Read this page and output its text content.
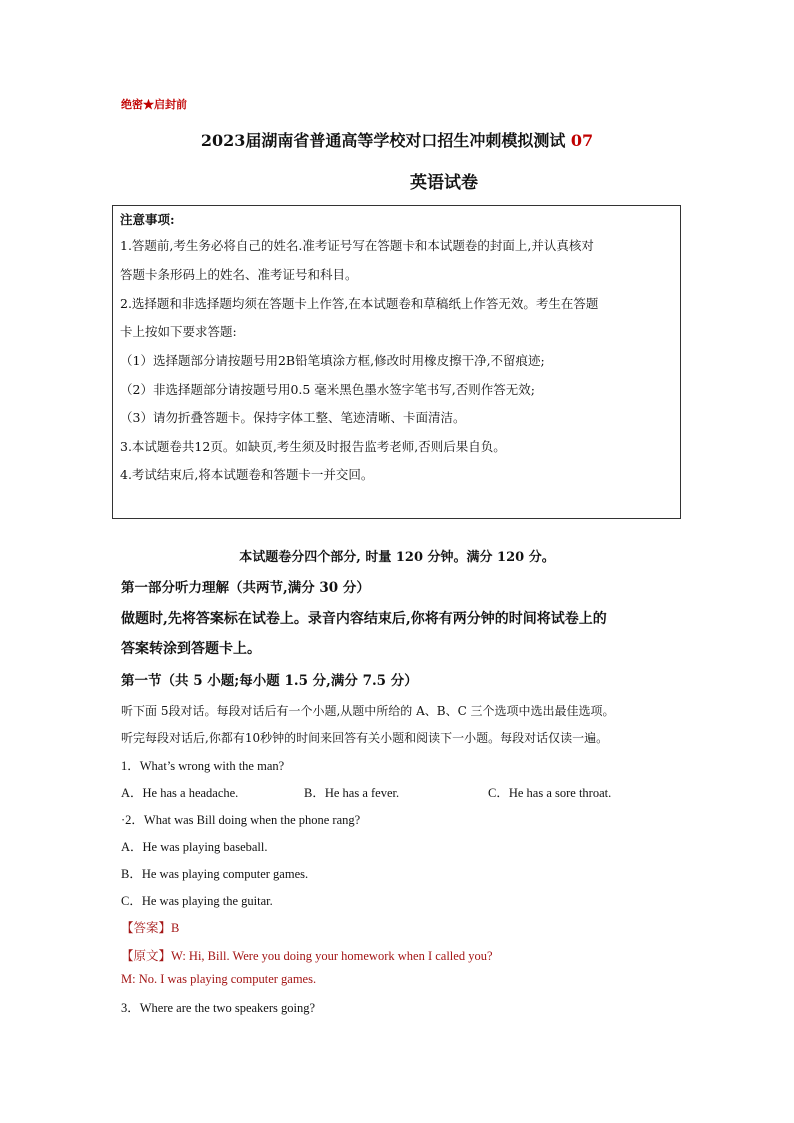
绝密★启封前
2023届湖南省普通高等学校对口招生冲刺模拟测试 07
英语试卷
注意事项:
1.答题前,考生务必将自己的姓名.准考证号写在答题卡和本试题卷的封面上,并认真核对
答题卡条形码上的姓名、准考证号和科目。
2.选择题和非选择题均须在答题卡上作答,在本试题卷和草稿纸上作答无效。考生在答题
卡上按如下要求答题:
（1）选择题部分请按题号用2B铅笔填涂方框,修改时用橡皮擦干净,不留痕迹;
（2）非选择题部分请按题号用0.5 毫米黑色墨水签字笔书写,否则作答无效;
（3）请勿折叠答题卡。保持字体工整、笔迹清晰、卡面清洁。
3.本试题卷共12页。如缺页,考生须及时报告监考老师,否则后果自负。
4.考试结束后,将本试题卷和答题卡一并交回。
本试题卷分四个部分, 时量 120 分钟。满分 120 分。
第一部分听力理解（共两节,满分 30 分）
做题时,先将答案标在试卷上。录音内容结束后,你将有两分钟的时间将试卷上的
答案转涂到答题卡上。
第一节（共 5 小题;每小题 1.5 分,满分 7.5 分）
听下面 5段对话。每段对话后有一个小题,从题中所给的 A、B、C 三个选项中选出最佳选项。
听完每段对话后,你都有10秒钟的时间来回答有关小题和阅读下一小题。每段对话仅读一遍。
1．What’s wrong with the man?
A．He has a headache.	B．He has a fever.	C．He has a sore throat.
·2．What was Bill doing when the phone rang?
A．He was playing baseball.
B．He was playing computer games.
C．He was playing the guitar.
【答案】B
【原文】W: Hi, Bill. Were you doing your homework when I called you?
M: No. I was playing computer games.
3．Where are the two speakers going?
